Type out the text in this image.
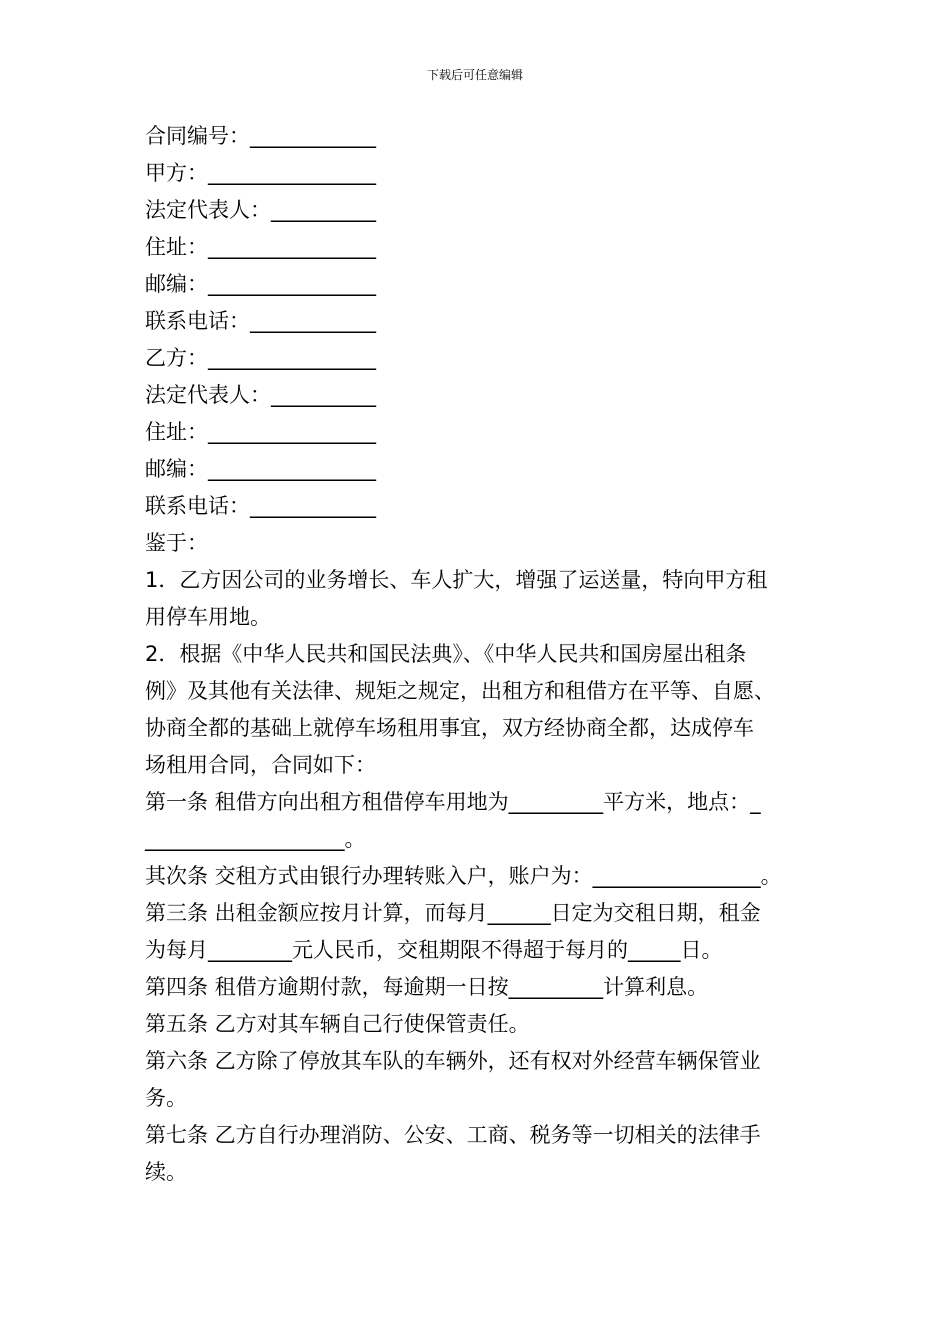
下载后可任意编辑
合同编号：____________
甲方：________________
法定代表人：__________
住址：________________
邮编：________________
联系电话：____________
乙方：________________
法定代表人：__________
住址：________________
邮编：________________
联系电话：____________
鉴于：
1．乙方因公司的业务增长、车人扩大，增强了运送量，特向甲方租
用停车用地。
2．根据《中华人民共和国民法典》、《中华人民共和国房屋出租条
例》及其他有关法律、规矩之规定，出租方和租借方在平等、自愿、
协商全都的基础上就停车场租用事宜，双方经协商全都，达成停车
场租用合同，合同如下：
第一条 租借方向出租方租借停车用地为_________平方米，地点：_
___________________。
其次条 交租方式由银行办理转账入户，账户为：________________。
第三条 出租金额应按月计算，而每月______日定为交租日期，租金
为每月________元人民币，交租期限不得超于每月的_____日。
第四条 租借方逾期付款，每逾期一日按_________计算利息。
第五条 乙方对其车辆自己行使保管责任。
第六条 乙方除了停放其车队的车辆外，还有权对外经营车辆保管业
务。
第七条 乙方自行办理消防、公安、工商、税务等一切相关的法律手
续。
